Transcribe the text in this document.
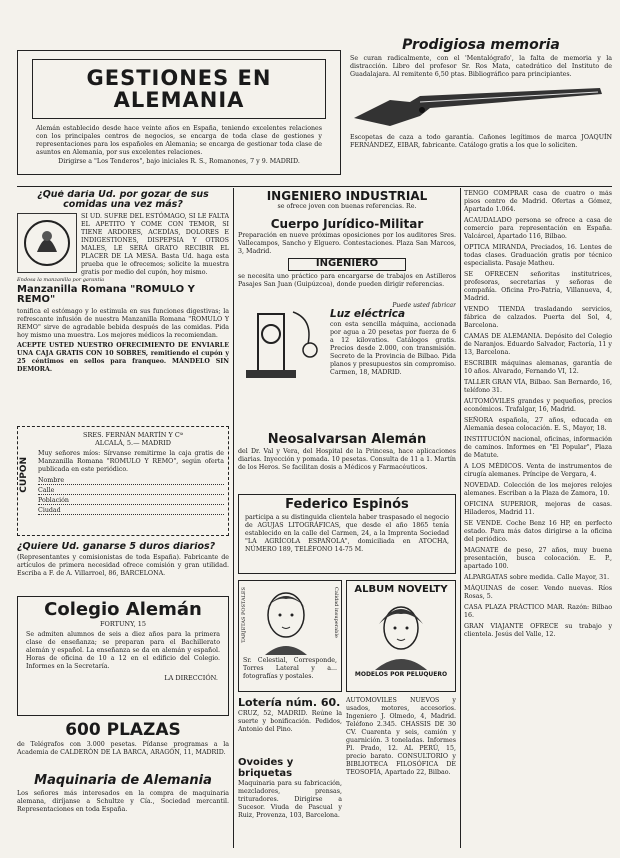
GESTIONES EN ALEMANIA

Alemán establecido desde hace veinte años en España, teniendo excelentes relaciones con los principales centros de negocios, se encarga de toda clase de gestiones y representaciones para los españoles en Alemania; se encarga de gestionar toda clase de asuntos en Alemania, por sus excelentes relaciones.

Dirigirse a "Los Tenderos", bajo iniciales R. S., Romanones, 7 y 9. MADRID.

Prodigiosa memoria

Se curan radicalmente, con el 'Mentalógrafo', la falta de memoria y la distracción. Libro del profesor Sr. Ros Mata, catedrático del Instituto de Guadalajara. Al remitente 6,50 ptas. Bibliográfico para principiantes.

Escopetas de caza a todo garantía. Cañones legítimos de marca JOAQUÍN FERNÁNDEZ, EIBAR, fabricante. Catálogo gratis a los que lo soliciten.

¿Qué daría Ud. por gozar de sus comidas una vez más?

SI UD. SUFRE DEL ESTÓMAGO, SI LE FALTA EL APETITO Y COME CON TEMOR, SI TIENE ARDORES, ACEDÍAS, DOLORES E INDIGESTIONES, DISPEPSIA Y OTROS MALES, LE SERÁ GRATO RECIBIR EL PLACER DE LA MESA. Basta Ud. haga esta prueba que le ofrecemos; solicite la muestra gratis por medio del cupón, hoy mismo.

Endosa la manzanilla por garantía
Manzanilla Romana "ROMULO Y REMO"

tonifica el estómago y lo estimula en sus funciones digestivas; la refrescante infusión de nuestra Manzanilla Romana "ROMULO Y REMO" sirve de agradable bebida después de las comidas. Pida hoy mismo una muestra. Los mejores médicos la recomiendan.

ACEPTE USTED NUESTRO OFRECIMIENTO DE ENVIARLE UNA CAJA GRATIS CON 10 SOBRES, remitiendo el cupón y 25 céntimos en sellos para franqueo. MÁNDELO SIN DEMORA.

CUPON
SRES. FERNÁN MARTÍN Y Cª
ALCALÁ, 5.— MADRID

Muy señores míos: Sírvanse remitirme la caja gratis de Manzanilla Romana "ROMULO Y REMO", según oferta publicada en este periódico.

Nombre
Calle
Población
Ciudad
¿Quiere Ud. ganarse 5 duros diarios?

(Representantes y comisionistas de toda España). Fabricante de artículos de primera necesidad ofrece comisión y gran utilidad. Escriba a F. de A. Villarroel, 86, BARCELONA.

Colegio Alemán
FORTUNY, 15

Se admiten alumnos de seis a diez años para la primera clase de enseñanza; se preparan para el Bachillerato alemán y español. La enseñanza se da en alemán y español. Horas de oficina de 10 a 12 en el edificio del Colegio. Informes en la Secretaría.

LA DIRECCIÓN.
600 PLAZAS

de Telégrafos con 3.000 pesetas. Pídanse programas a la Academia de CALDERÓN DE LA BARCA, ARAGÓN, 11, MADRID.

Maquinaria de Alemania

Los señores más interesados en la compra de maquinaria alemana, diríjanse a Schultze y Cía., Sociedad mercantil. Representaciones en toda España.

INGENIERO INDUSTRIAL

se ofrece joven con buenas referencias. Re.

Cuerpo Jurídico-Militar

Preparación en nueve próximas oposiciones por los auditores Sres. Vallecampos, Sancho y Elguero. Contestaciones. Plaza San Marcos, 3, Madrid.

INGENIERO

se necesita uno práctico para encargarse de trabajos en Astilleros Pasajes San Juan (Guipúzcoa), donde pueden dirigir referencias.

Puede usted fabricar
Luz eléctrica

con esta sencilla máquina, accionada por agua a 20 pesetas por fuerza de 6 a 12 kilovatios. Catálogos gratis. Precios desde 2.000, con transmisión. Secreto de la Provincia de Bilbao. Pida planos y presupuestos sin compromiso. Carmen, 18, MADRID.

Neosalvarsan Alemán

del Dr. Val y Vera, del Hospital de la Princesa, hace aplicaciones diarias. Inyección y pomada. 10 pesetas. Consulta de 11 a 1. Martín de los Heros. Se facilitan dosis a Médicos y Farmacéuticos.

Federico Espinós

participa a su distinguida clientela haber traspasado el negocio de AGUJAS LITOGRÁFICAS, que desde el año 1865 tenía establecido en la calle del Carmen, 24, a la Imprenta Sociedad "LA AGRÍCOLA ESPAÑOLA", domiciliada en ATOCHA, NÚMERO 189, TELÉFONO 14-75 M.

TARJETAS POSTALES	Calidad insuperable

Sr. Celestial, Corresponde, Torres Lateral y a... fotografías y postales.

ALBUM NOVELTY
MODELOS POR PELUQUERO
Lotería núm. 60.

CRUZ, 52, MADRID. Reúne la suerte y bonificación. Pedidos, Antonio del Pino.

Ovoides y briquetas

Maquinaria para su fabricación, mezcladores, prensas, trituradores. Dirigirse a Sucesor. Viuda de Pascual y Ruiz, Provenza, 103, Barcelona.

AUTOMÓVILES NUEVOS y usados, motores, accesorios. Ingeniero J. Olmedo, 4, Madrid. Teléfono 2.345. CHASSIS DE 30 CV. Cuarenta y seis, camión y guarnición. 3 toneladas. Informes Pl. Prado, 12. AL PERÚ, 15, precio barato. CONSULTORIO y BIBLIOTECA FILOSÓFICA DE TEOSOFÍA, Apartado 22, Bilbao.

TENGO COMPRAR casa de cuatro o más pisos centro de Madrid. Ofertas a Gómez, Apartado 1.064.

ACAUDALADO persona se ofrece a casa de comercio para representación en España. Valcárcel, Apartado 116, Bilbao.

OPTICA MIRANDA, Preciados, 16. Lentes de todas clases. Graduación gratis por técnico especialista. Pasaje Matheu.

SE OFRECEN señoritas institutrices, profesoras, secretarias y señoras de compañía. Oficina Pro-Patria, Villanueva, 4, Madrid.

VENDO TIENDA trasladando servicios, fábrica de calzados. Puerta del Sol, 4, Barcelona.

CAMAS DE ALEMANIA. Depósito del Colegio de Naranjos. Eduardo Salvador, Factoría, 11 y 13, Barcelona.

ESCRIBIR máquinas alemanas, garantía de 10 años. Alvarado, Fernando VI, 12.

TALLER GRAN VÍA, Bilbao. San Bernardo, 16, teléfono 31.

AUTOMÓVILES grandes y pequeños, precios económicos. Trafalgar, 16, Madrid.

SEÑORA española, 27 años, educada en Alemania desea colocación. E. S., Mayor, 18.

INSTITUCIÓN nacional, oficinas, información de caminos. Informes en "El Popular", Plaza de Matute.

A LOS MÉDICOS. Venta de instrumentos de cirugía alemanes. Príncipe de Vergara, 4.

NOVEDAD. Colección de los mejores relojes alemanes. Escriban a la Plaza de Zamora, 10.

OFICINA SUPERIOR, mejoras de casas. Hiladeros, Madrid 11.

SE VENDE. Coche Benz 16 HP, en perfecto estado. Para más datos dirigirse a la oficina del periódico.

MAGNATE de peso, 27 años, muy buena presentación, busca colocación. E. P., apartado 100.

ALPARGATAS sobre medida. Calle Mayor, 31.

MÁQUINAS de coser. Vendo nuevas. Ríos Rosas, 5.

CASA PLAZA PRÁCTICO MAR. Razón: Bilbao 16.

GRAN VIAJANTE OFRECE su trabajo y clientela. Jesús del Valle, 12.
